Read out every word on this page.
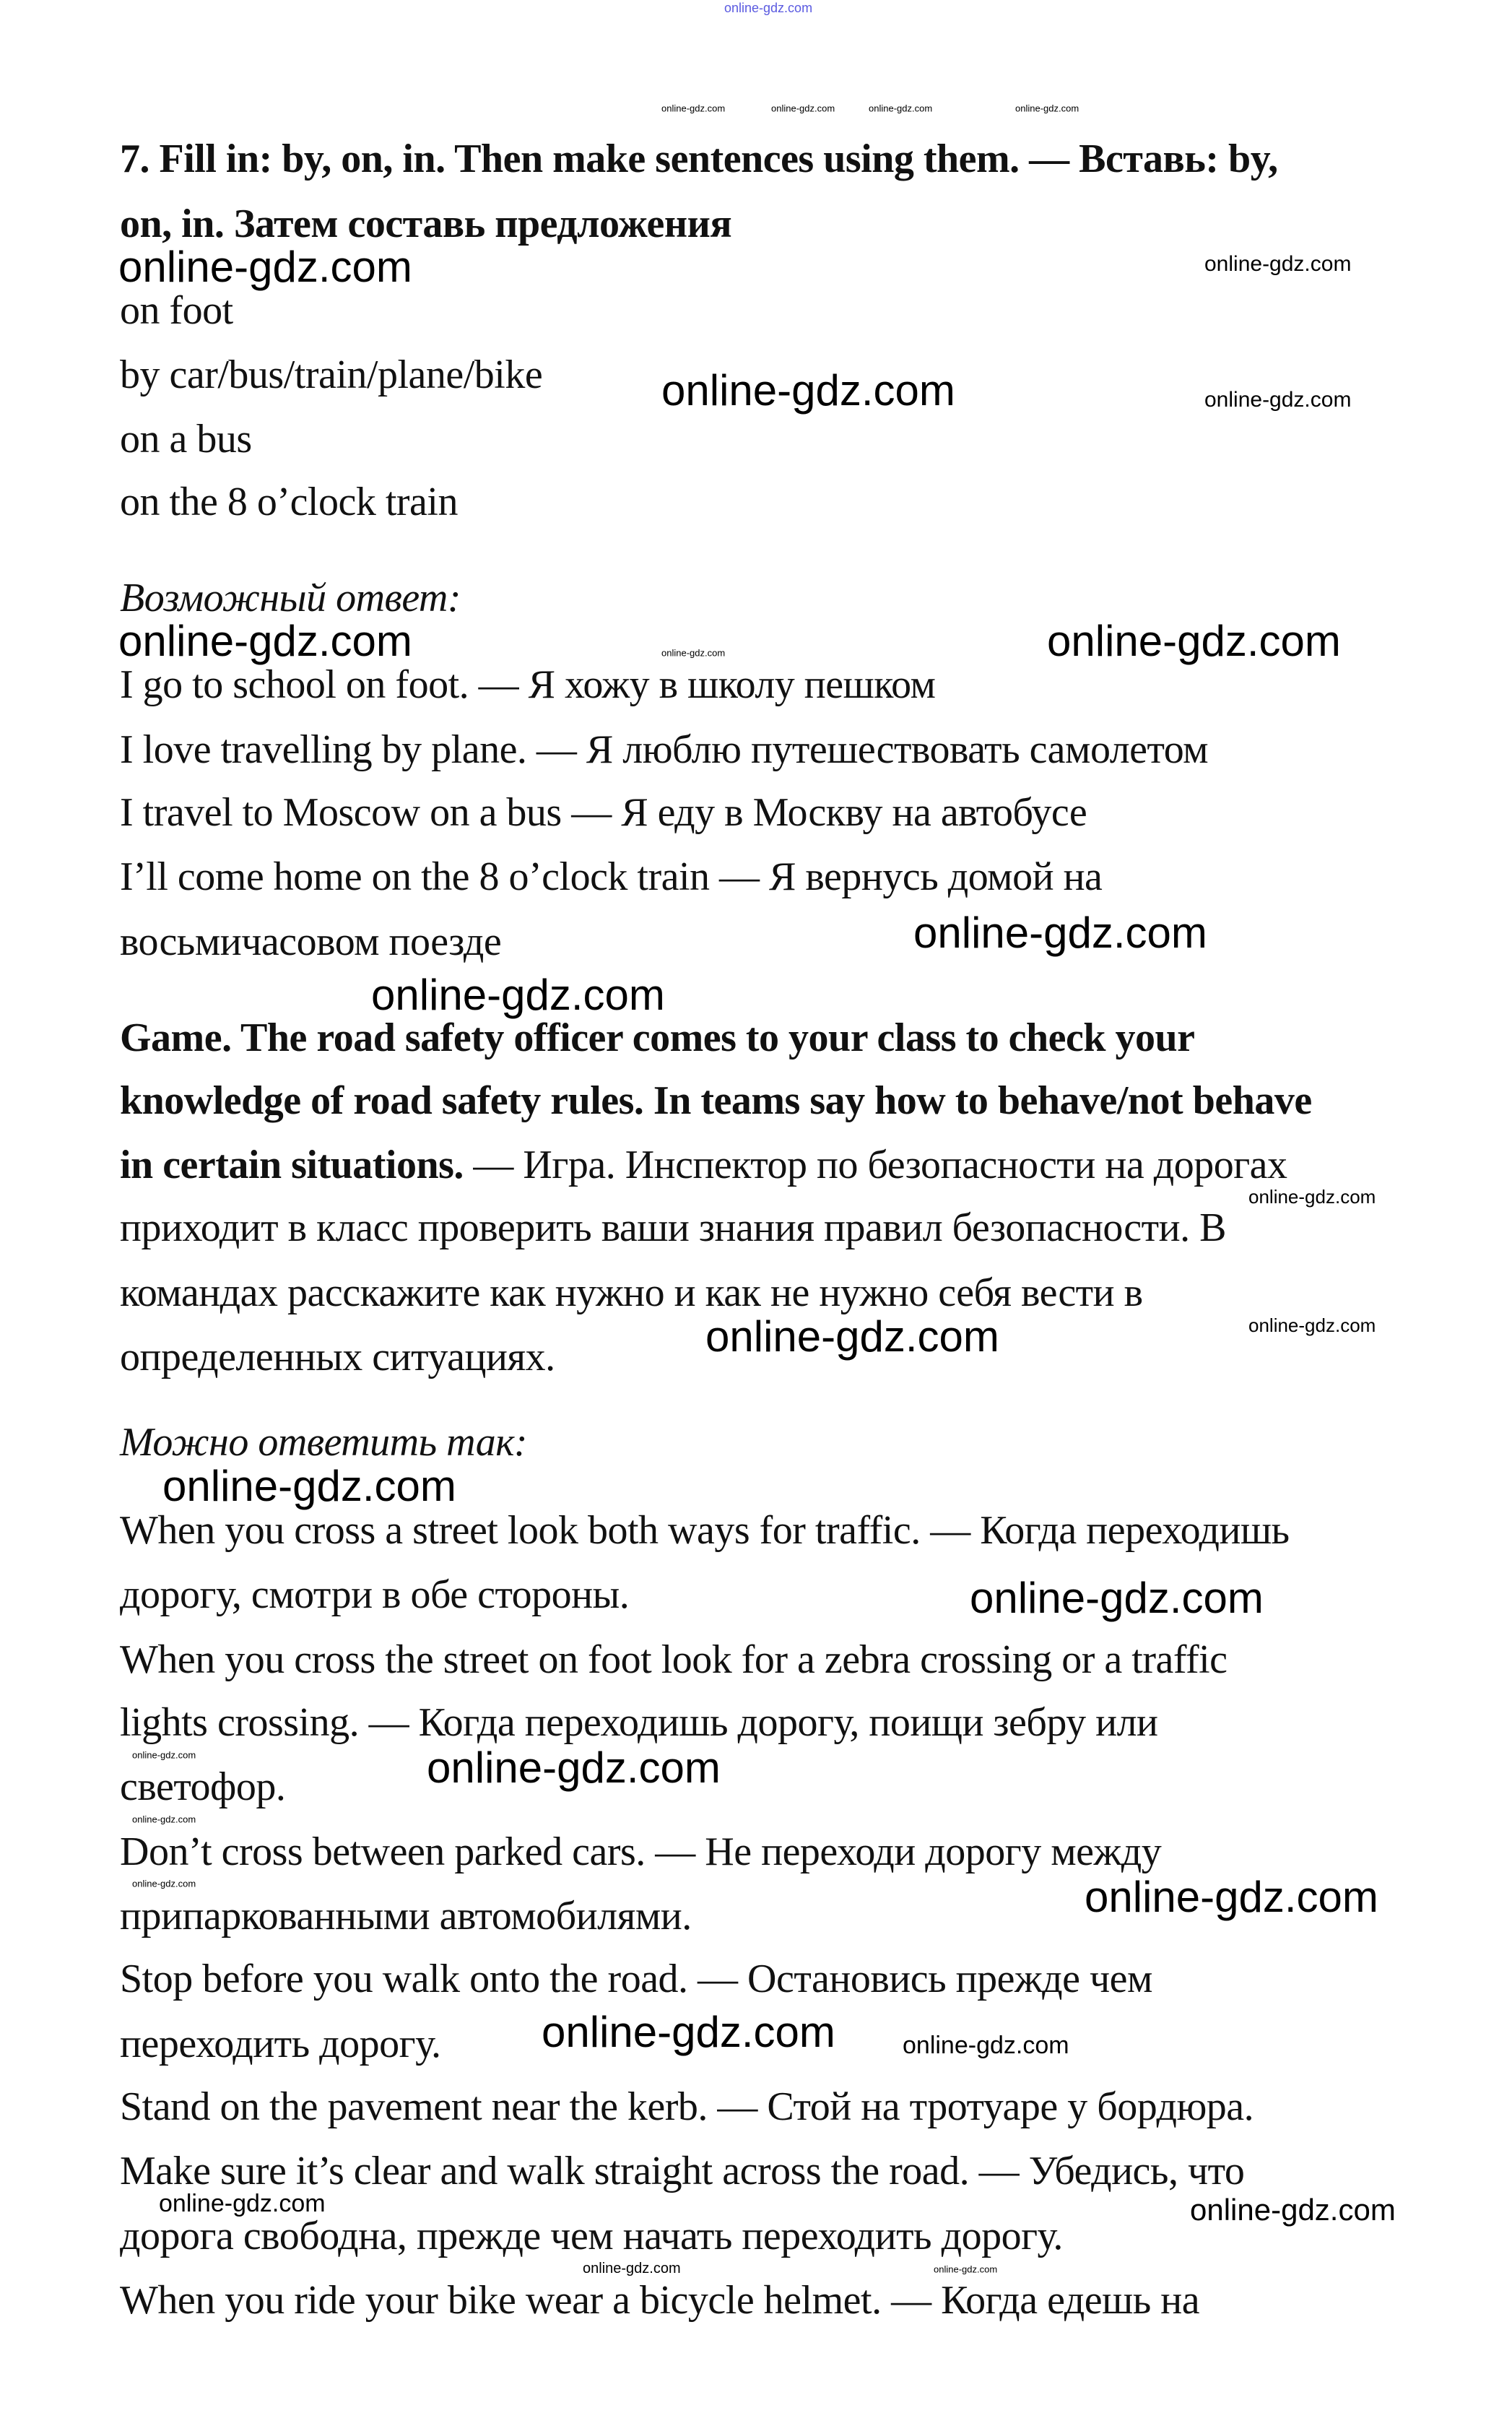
online-gdz.com
7. Fill in: by, on, in. Then make sentences using them. — Вставь: by,
on, in. Затем составь предложения
on foot
by car/bus/train/plane/bike
on a bus
on the 8 o’clock train
Возможный ответ:
I go to school on foot. — Я хожу в школу пешком
I love travelling by plane. — Я люблю путешествовать самолетом
I travel to Moscow on a bus — Я еду в Москву на автобусе
I’ll come home on the 8 o’clock train — Я вернусь домой на
восьмичасовом поезде
Game. The road safety officer comes to your class to check your
knowledge of road safety rules. In teams say how to behave/not behave
in certain situations. — Игра. Инспектор по безопасности на дорогах
приходит в класс проверить ваши знания правил безопасности. В
командах расскажите как нужно и как не нужно себя вести в
определенных ситуациях.
Можно ответить так:
When you cross a street look both ways for traffic. — Когда переходишь
дорогу, смотри в обе стороны.
When you cross the street on foot look for a zebra crossing or a traffic
lights crossing. — Когда переходишь дорогу, поищи зебру или
светофор.
Don’t cross between parked cars. — Не переходи дорогу между
припаркованными автомобилями.
Stop before you walk onto the road. — Остановись прежде чем
переходить дорогу.
Stand on the pavement near the kerb. — Стой на тротуаре у бордюра.
Make sure it’s clear and walk straight across the road. — Убедись, что
дорога свободна, прежде чем начать переходить дорогу.
When you ride your bike wear a bicycle helmet. — Когда едешь на
online-gdz.com	online-gdz.com	online-gdz.com	online-gdz.com
online-gdz.com	online-gdz.com
online-gdz.com	online-gdz.com
online-gdz.com	online-gdz.com	online-gdz.com
online-gdz.com
online-gdz.com
online-gdz.com
online-gdz.com
online-gdz.com
online-gdz.com
online-gdz.com
online-gdz.com	online-gdz.com
online-gdz.com
online-gdz.com	online-gdz.com
online-gdz.com
online-gdz.com
online-gdz.com	online-gdz.com
online-gdz.com	online-gdz.com
